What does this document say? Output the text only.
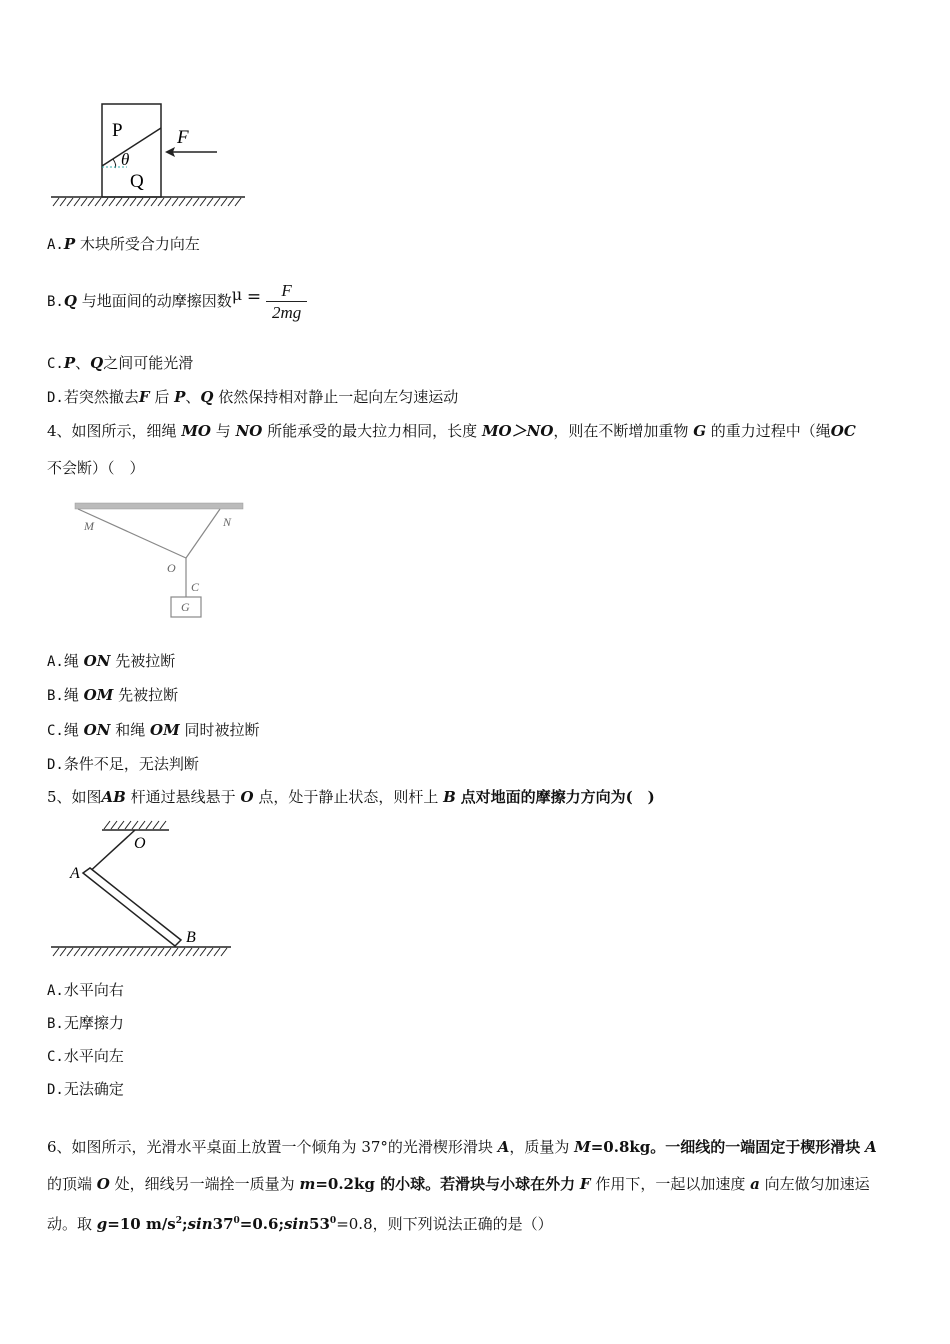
P
Q
θ
F
A.P 木块所受合力向左
B.Q 与地面间的动摩擦因数$\mu = \frac{F}{2mg}$
C.P、Q之间可能光滑
D.若突然撤去F 后 P、Q 依然保持相对静止一起向左匀速运动
4、如图所示，细绳 MO 与 NO 所能承受的最大拉力相同，长度 MO＞NO，则在不断增加重物 G 的重力过程中（绳OC
不会断）（　）
M	N
O
C
G
A.绳 ON 先被拉断
B.绳 OM 先被拉断
C.绳 ON 和绳 OM 同时被拉断
D.条件不足，无法判断
5、如图AB 杆通过悬线悬于 O 点，处于静止状态，则杆上 B 点对地面的摩擦力方向为(　)
O
A
B
A.水平向右
B.无摩擦力
C.水平向左
D.无法确定
6、如图所示，光滑水平桌面上放置一个倾角为 37°的光滑楔形滑块 A，质量为 M=0.8kg。一细线的一端固定于楔形滑块 A
的顶端 O 处，细线另一端拴一质量为 m=0.2kg 的小球。若滑块与小球在外力 F 作用下，一起以加速度 a 向左做匀加速运
动。取 g=10 $m/s^2;\sin 37^0=0.6;\sin 53^0=0.8$，则下列说法正确的是（）
